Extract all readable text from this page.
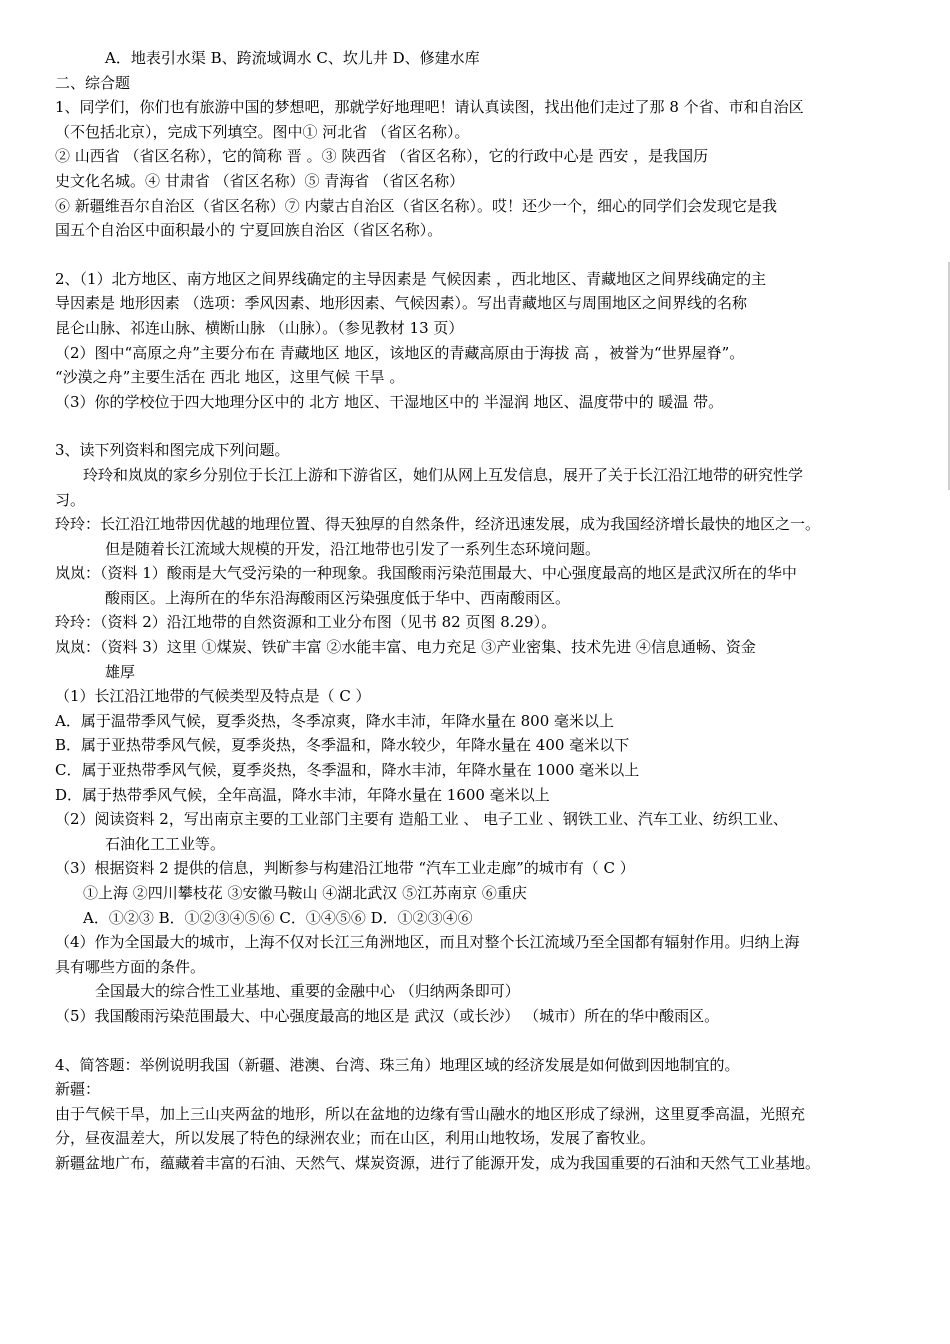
A．地表引水渠 B、跨流域调水 C、坎儿井 D、修建水库
二、综合题
1、同学们，你们也有旅游中国的梦想吧，那就学好地理吧！请认真读图，找出他们走过了那 8 个省、市和自治区
（不包括北京），完成下列填空。图中① 河北省 （省区名称）。
② 山西省 （省区名称），它的简称 晋 。③ 陕西省 （省区名称），它的行政中心是 西安 ，是我国历
史文化名城。④ 甘肃省 （省区名称）⑤ 青海省 （省区名称）
⑥ 新疆维吾尔自治区（省区名称）⑦ 内蒙古自治区（省区名称）。哎！还少一个，细心的同学们会发现它是我
国五个自治区中面积最小的 宁夏回族自治区（省区名称）。
2、（1）北方地区、南方地区之间界线确定的主导因素是 气候因素 ，西北地区、青藏地区之间界线确定的主
导因素是 地形因素 （选项：季风因素、地形因素、气候因素）。写出青藏地区与周围地区之间界线的名称
昆仑山脉、祁连山脉、横断山脉 （山脉）。（参见教材 13 页）
（2）图中“高原之舟”主要分布在 青藏地区 地区，该地区的青藏高原由于海拔 高 ，被誉为“世界屋脊”。
“沙漠之舟”主要生活在 西北 地区，这里气候 干旱 。
（3）你的学校位于四大地理分区中的 北方 地区、干湿地区中的 半湿润 地区、温度带中的 暖温 带。
3、读下列资料和图完成下列问题。
玲玲和岚岚的家乡分别位于长江上游和下游省区，她们从网上互发信息，展开了关于长江沿江地带的研究性学
习。
玲玲：长江沿江地带因优越的地理位置、得天独厚的自然条件，经济迅速发展，成为我国经济增长最快的地区之一。
但是随着长江流域大规模的开发，沿江地带也引发了一系列生态环境问题。
岚岚：（资料 1）酸雨是大气受污染的一种现象。我国酸雨污染范围最大、中心强度最高的地区是武汉所在的华中
酸雨区。上海所在的华东沿海酸雨区污染强度低于华中、西南酸雨区。
玲玲：（资料 2）沿江地带的自然资源和工业分布图（见书 82 页图 8.29）。
岚岚：（资料 3）这里 ①煤炭、铁矿丰富 ②水能丰富、电力充足 ③产业密集、技术先进 ④信息通畅、资金
雄厚
（1）长江沿江地带的气候类型及特点是（ C ）
A．属于温带季风气候，夏季炎热，冬季凉爽，降水丰沛，年降水量在 800 毫米以上
B．属于亚热带季风气候，夏季炎热，冬季温和，降水较少，年降水量在 400 毫米以下
C．属于亚热带季风气候，夏季炎热，冬季温和，降水丰沛，年降水量在 1000 毫米以上
D．属于热带季风气候，全年高温，降水丰沛，年降水量在 1600 毫米以上
（2）阅读资料 2，写出南京主要的工业部门主要有 造船工业 、 电子工业 、钢铁工业、汽车工业、纺织工业、
石油化工工业等。
（3）根据资料 2 提供的信息，判断参与构建沿江地带 “汽车工业走廊”的城市有（ C ）
①上海 ②四川攀枝花 ③安徽马鞍山 ④湖北武汉 ⑤江苏南京 ⑥重庆
A．①②③ B．①②③④⑤⑥ C．①④⑤⑥ D．①②③④⑥
（4）作为全国最大的城市，上海不仅对长江三角洲地区，而且对整个长江流域乃至全国都有辐射作用。归纳上海
具有哪些方面的条件。
全国最大的综合性工业基地、重要的金融中心 （归纳两条即可）
（5）我国酸雨污染范围最大、中心强度最高的地区是 武汉（或长沙） （城市）所在的华中酸雨区。
4、简答题：举例说明我国（新疆、港澳、台湾、珠三角）地理区域的经济发展是如何做到因地制宜的。
新疆：
由于气候干旱，加上三山夹两盆的地形，所以在盆地的边缘有雪山融水的地区形成了绿洲，这里夏季高温，光照充
分，昼夜温差大，所以发展了特色的绿洲农业；而在山区，利用山地牧场，发展了畜牧业。
新疆盆地广布，蕴藏着丰富的石油、天然气、煤炭资源，进行了能源开发，成为我国重要的石油和天然气工业基地。
